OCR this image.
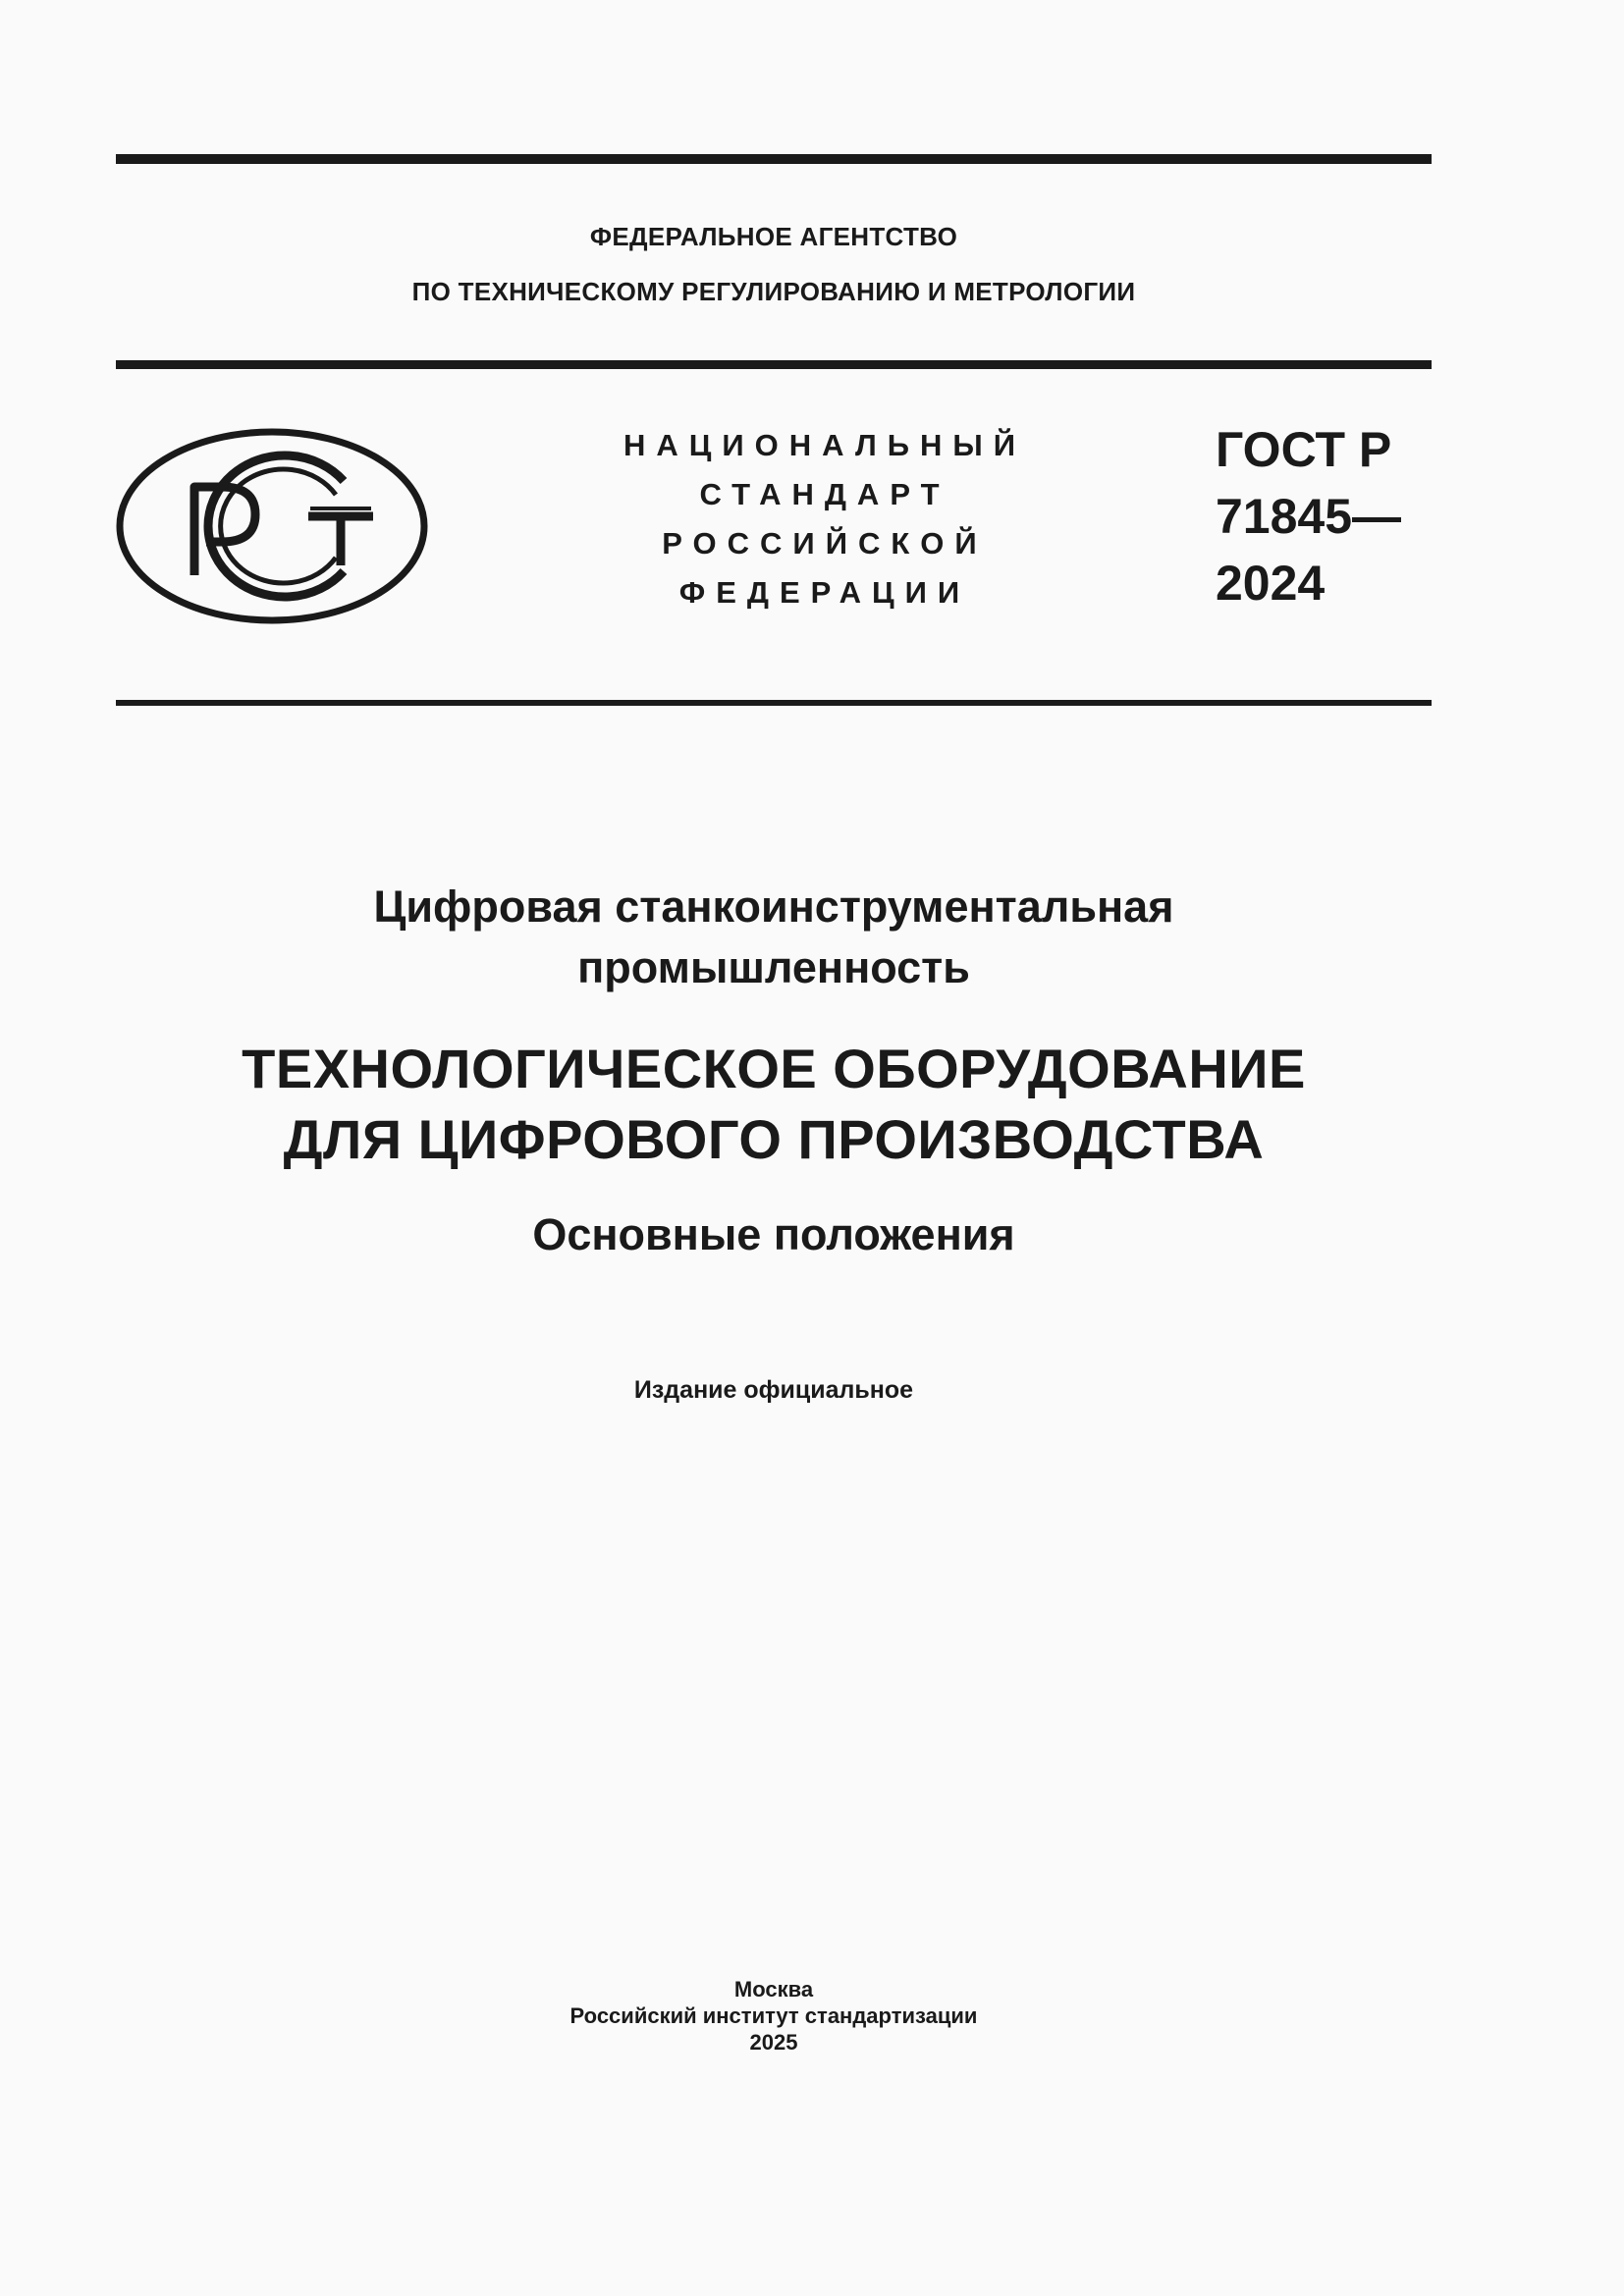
ФЕДЕРАЛЬНОЕ АГЕНТСТВО
ПО ТЕХНИЧЕСКОМУ РЕГУЛИРОВАНИЮ И МЕТРОЛОГИИ
НАЦИОНАЛЬНЫЙ
СТАНДАРТ
РОССИЙСКОЙ
ФЕДЕРАЦИИ
ГОСТ Р
71845—
2024
Цифровая станкоинструментальная
промышленность
ТЕХНОЛОГИЧЕСКОЕ ОБОРУДОВАНИЕ
ДЛЯ ЦИФРОВОГО ПРОИЗВОДСТВА
Основные положения
Издание официальное
Москва
Российский институт стандартизации
2025
